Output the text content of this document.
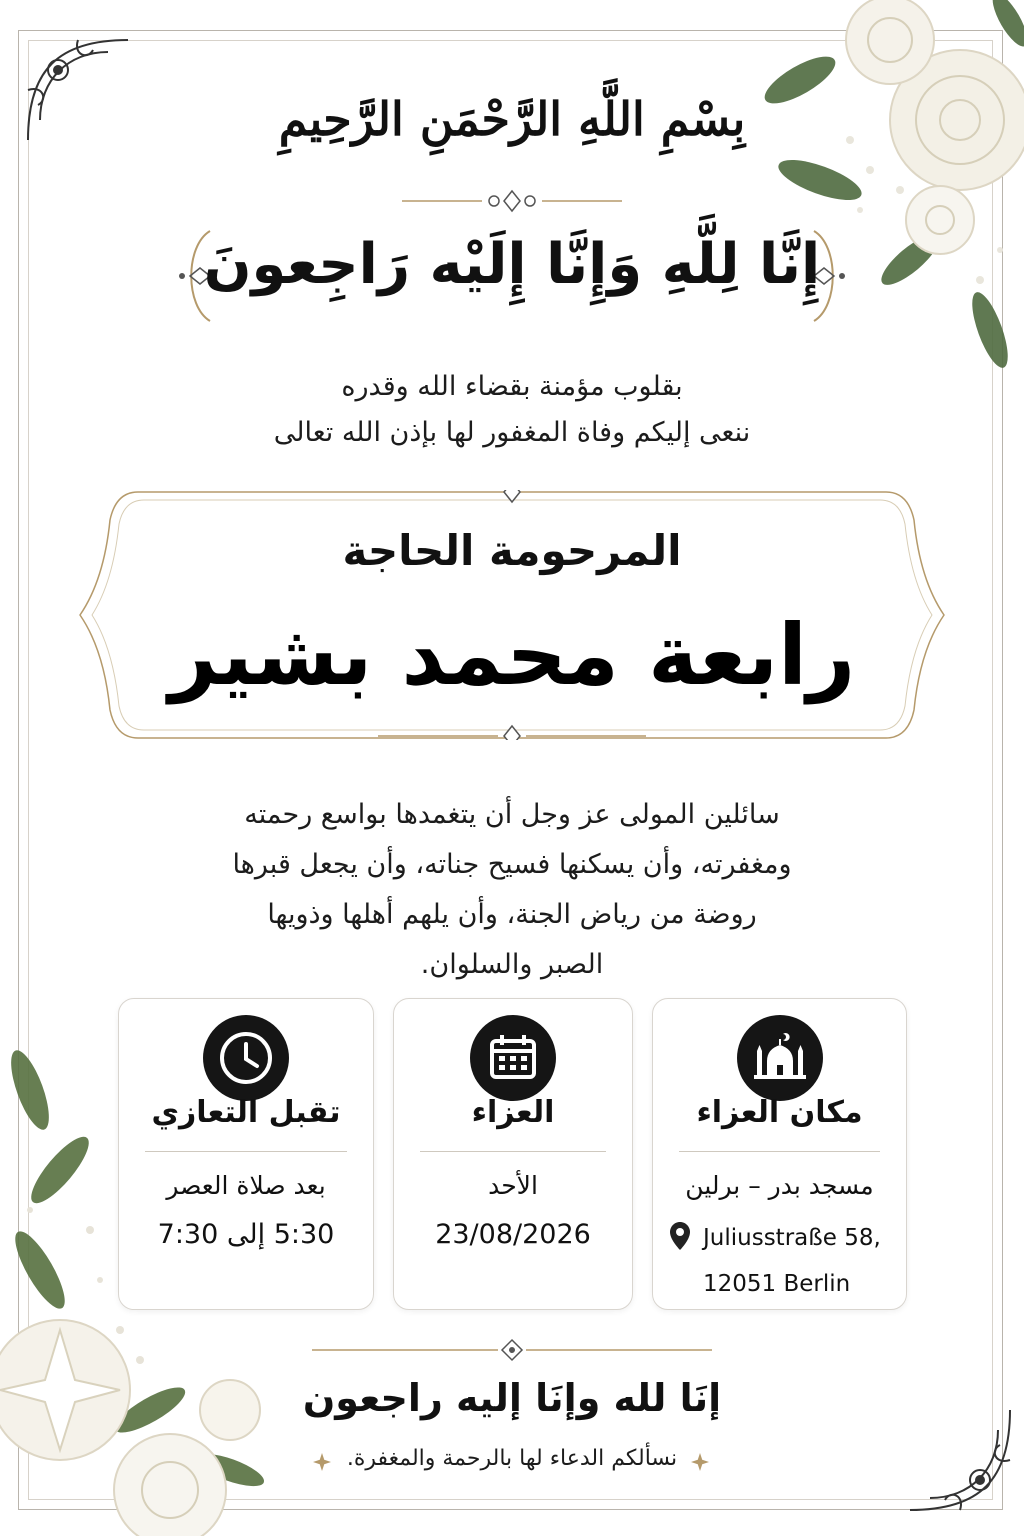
بِسْمِ اللَّهِ الرَّحْمَنِ الرَّحِيمِ
إِنَّا لِلَّهِ وَإِنَّا إِلَيْه رَاجِعونَ
بقلوب مؤمنة بقضاء الله وقدره
ننعى إليكم وفاة المغفور لها بإذن الله تعالى
المرحومة الحاجة
رابعة محمد بشير
سائلين المولى عز وجل أن يتغمدها بواسع رحمته
ومغفرته، وأن يسكنها فسيح جناته، وأن يجعل قبرها
روضة من رياض الجنة، وأن يلهم أهلها وذويها
الصبر والسلوان.
تقبل التعازي
بعد صلاة العصر
5:30 إلى 7:30
العزاء
الأحد
23/08/2026
مكان العزاء
مسجد بدر – برلين
Juliusstraße 58,
12051 Berlin
إنَا لله وإنَا إليه راجعون
نسألكم الدعاء لها بالرحمة والمغفرة.
